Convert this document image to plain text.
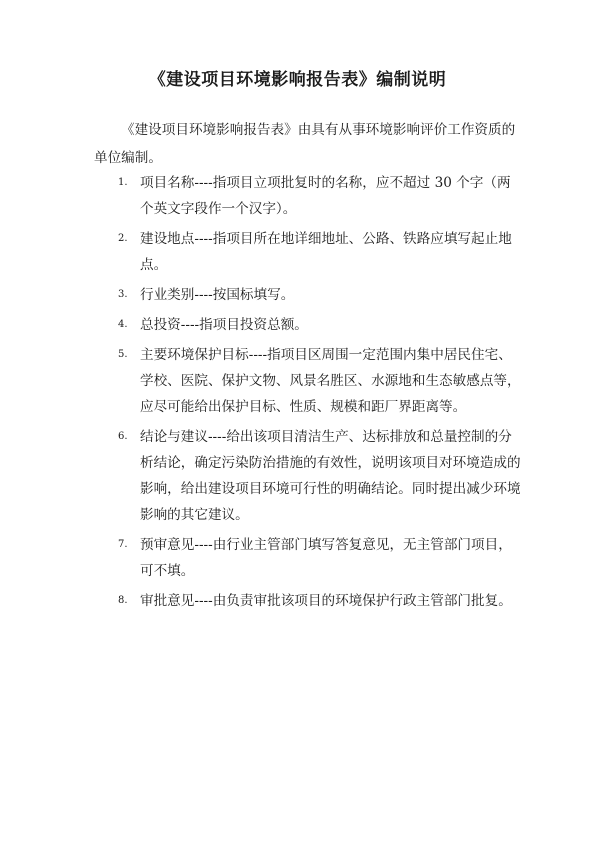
《建设项目环境影响报告表》编制说明
《建设项目环境影响报告表》由具有从事环境影响评价工作资质的单位编制。
1. 项目名称----指项目立项批复时的名称，应不超过 30 个字（两个英文字段作一个汉字）。
2. 建设地点----指项目所在地详细地址、公路、铁路应填写起止地点。
3. 行业类别----按国标填写。
4. 总投资----指项目投资总额。
5. 主要环境保护目标----指项目区周围一定范围内集中居民住宅、学校、医院、保护文物、风景名胜区、水源地和生态敏感点等，应尽可能给出保护目标、性质、规模和距厂界距离等。
6. 结论与建议----给出该项目清洁生产、达标排放和总量控制的分析结论，确定污染防治措施的有效性，说明该项目对环境造成的影响，给出建设项目环境可行性的明确结论。同时提出减少环境影响的其它建议。
7. 预审意见----由行业主管部门填写答复意见，无主管部门项目，可不填。
8. 审批意见----由负责审批该项目的环境保护行政主管部门批复。
